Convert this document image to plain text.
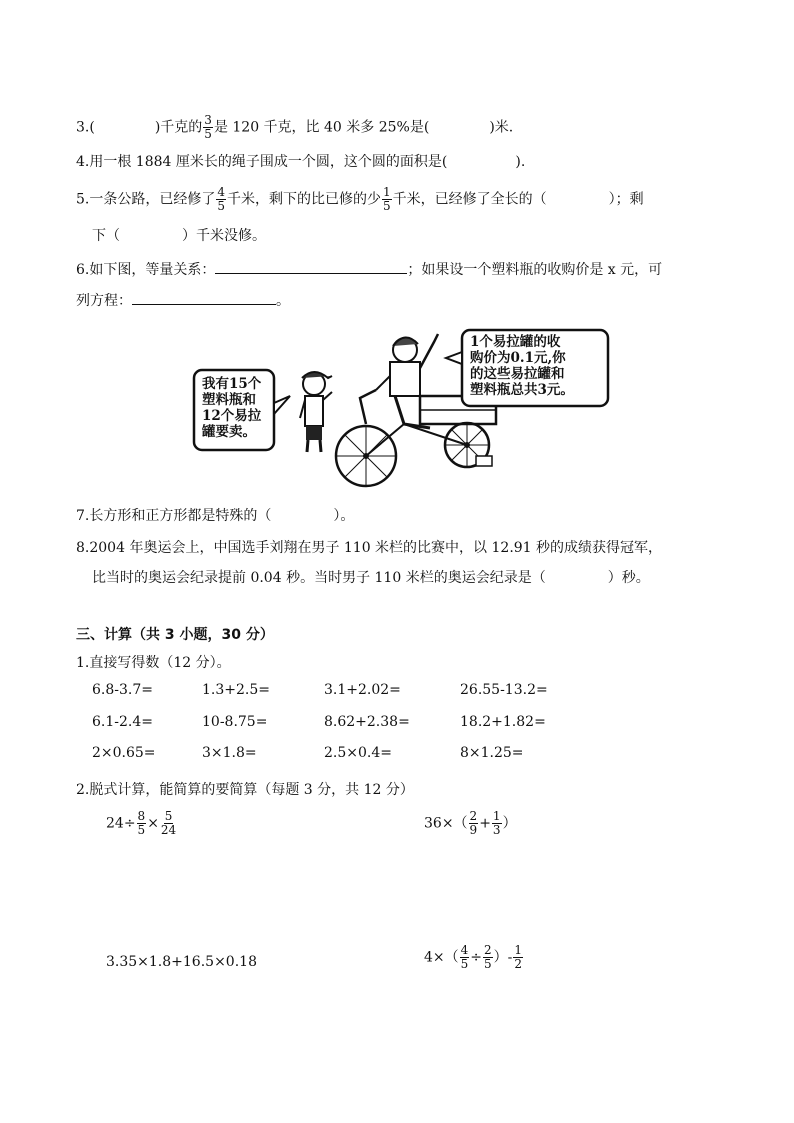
3.(	)千克的 $\frac{3}{5}$ 是 120 千克，比 40 米多 25%是(	)米.
4.用一根 1884 厘米长的绳子围成一个圆，这个圆的面积是(	).
5.一条公路，已经修了 $\frac{4}{5}$ 千米，剩下的比已修的少 $\frac{1}{5}$ 千米，已经修了全长的（	）；剩
下（	）千米没修。
6.如下图，等量关系：	；如果设一个塑料瓶的收购价是 x 元，可
列方程：	。
我有15个
塑料瓶和
12个易拉
罐要卖。
1个易拉罐的收
购价为0.1元,你
的这些易拉罐和
塑料瓶总共3元。
7.长方形和正方形都是特殊的（	）。
8.2004 年奥运会上，中国选手刘翔在男子 110 米栏的比赛中，以 12.91 秒的成绩获得冠军，
比当时的奥运会纪录提前 0.04 秒。当时男子 110 米栏的奥运会纪录是（	）秒。
三、计算（共 3 小题，30 分）
1.直接写得数（12 分）。
6.8-3.7=	1.3+2.5=	3.1+2.02=	26.55-13.2=
6.1-2.4=	10-8.75=	8.62+2.38=	18.2+1.82=
2×0.65=	3×1.8=	2.5×0.4=	8×1.25=
2.脱式计算，能简算的要简算（每题 3 分，共 12 分）
$24\div \frac{8}{5} \times \frac{5}{24}$	$36\times( \frac{2}{9} + \frac{1}{3}$ ）
3.35×1.8+16.5×0.18	$4\times( \frac{4}{5} \div \frac{2}{5}$ ）- $\frac{1}{2}$
